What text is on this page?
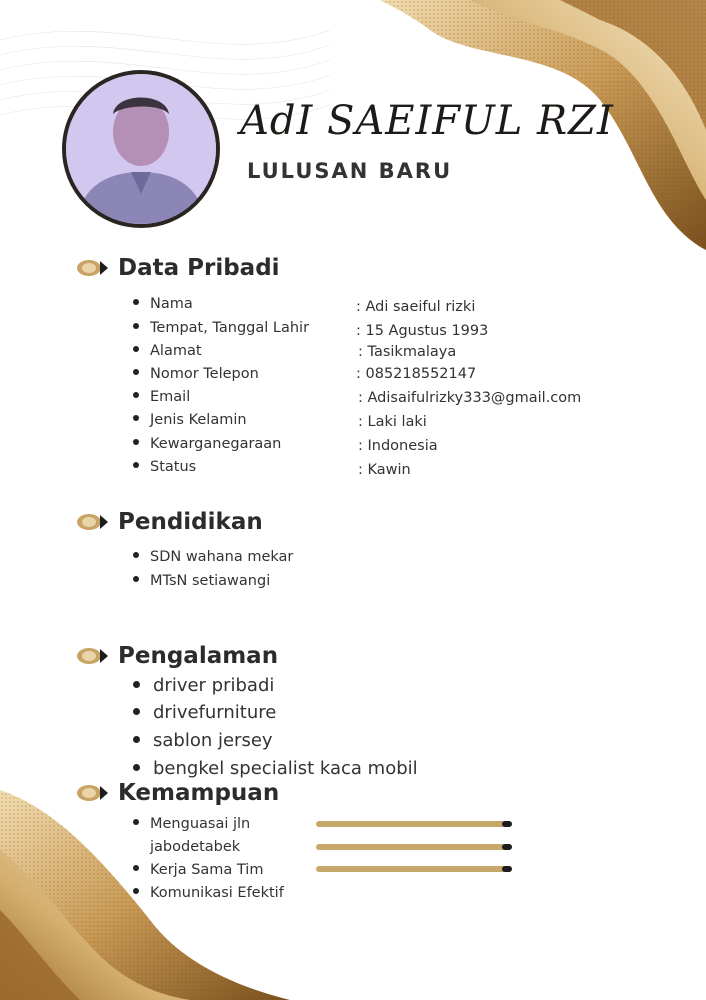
AdI SAEIFUL RZI
LULUSAN BARU
Data Pribadi
Nama	: Adi saeiful rizki
Tempat, Tanggal Lahir	: 15 Agustus 1993
Alamat	: Tasikmalaya
Nomor Telepon	: 085218552147
Email	: Adisaifulrizky333@gmail.com
Jenis Kelamin	: Laki laki
Kewarganegaraan	: Indonesia
Status	: Kawin
Pendidikan
SDN wahana mekar
MTsN setiawangi
Pengalaman
driver pribadi
drivefurniture
sablon jersey
bengkel specialist kaca mobil
Kemampuan
Menguasai jln
jabodetabek
Kerja Sama Tim
Komunikasi Efektif
